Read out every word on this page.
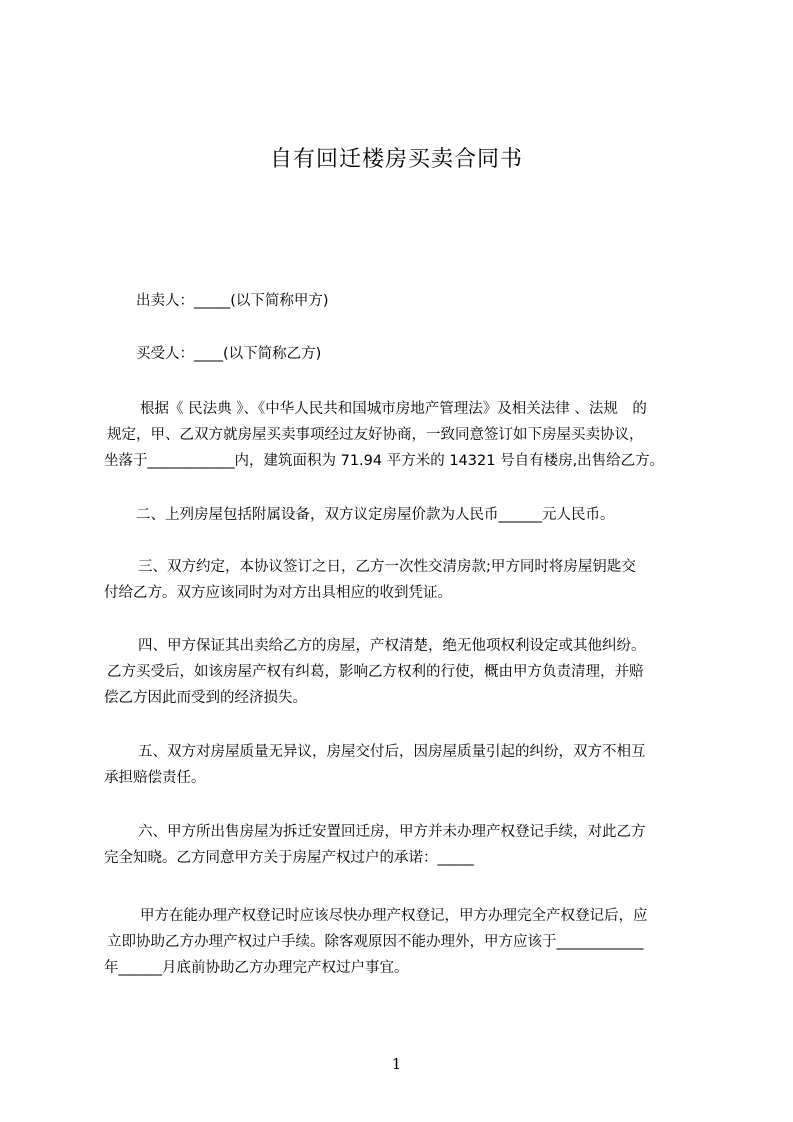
自有回迁楼房买卖合同书
出卖人：_____(以下简称甲方)
买受人：____(以下简称乙方)
根据《 民法典 》、《中华人民共和国城市房地产管理法》及相关法律 、法规　的
规定，甲、乙双方就房屋买卖事项经过友好协商，一致同意签订如下房屋买卖协议，
坐落于____________内，建筑面积为 71.94 平方米的 14321 号自有楼房,出售给乙方。
二、上列房屋包括附属设备，双方议定房屋价款为人民币______元人民币。
三、双方约定，本协议签订之日，乙方一次性交清房款;甲方同时将房屋钥匙交
付给乙方。双方应该同时为对方出具相应的收到凭证。
四、甲方保证其出卖给乙方的房屋，产权清楚，绝无他项权利设定或其他纠纷。
乙方买受后，如该房屋产权有纠葛，影响乙方权利的行使，概由甲方负责清理，并赔
偿乙方因此而受到的经济损失。
五、双方对房屋质量无异议，房屋交付后，因房屋质量引起的纠纷，双方不相互
承担赔偿责任。
六、甲方所出售房屋为拆迁安置回迁房，甲方并未办理产权登记手续，对此乙方
完全知晓。乙方同意甲方关于房屋产权过户的承诺：_____
甲方在能办理产权登记时应该尽快办理产权登记，甲方办理完全产权登记后，应
立即协助乙方办理产权过户手续。除客观原因不能办理外，甲方应该于____________
年______月底前协助乙方办理完产权过户事宜。
1
